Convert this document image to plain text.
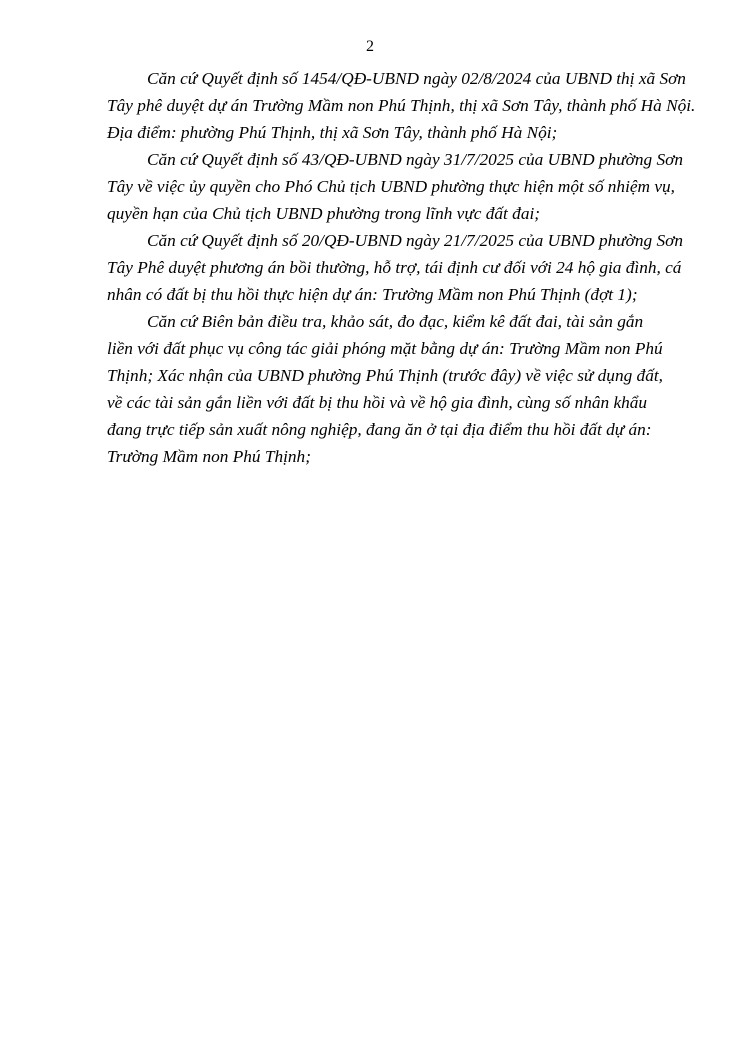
2
Căn cứ Quyết định số 1454/QĐ-UBND ngày 02/8/2024 của UBND thị xã Sơn
Tây phê duyệt dự án Trường Mầm non Phú Thịnh, thị xã Sơn Tây, thành phố Hà Nội.
Địa điểm: phường Phú Thịnh, thị xã Sơn Tây, thành phố Hà Nội;
Căn cứ Quyết định số 43/QĐ-UBND ngày 31/7/2025 của UBND phường Sơn
Tây về việc ủy quyền cho Phó Chủ tịch UBND phường thực hiện một số nhiệm vụ,
quyền hạn của Chủ tịch UBND phường trong lĩnh vực đất đai;
Căn cứ Quyết định số 20/QĐ-UBND ngày 21/7/2025 của UBND phường Sơn
Tây Phê duyệt phương án bồi thường, hỗ trợ, tái định cư đối với 24 hộ gia đình, cá
nhân có đất bị thu hồi thực hiện dự án: Trường Mầm non Phú Thịnh (đợt 1);
Căn cứ Biên bản điều tra, khảo sát, đo đạc, kiểm kê đất đai, tài sản gắn
liền với đất phục vụ công tác giải phóng mặt bằng dự án: Trường Mầm non Phú
Thịnh; Xác nhận của UBND phường Phú Thịnh (trước đây) về việc sử dụng đất,
về các tài sản gắn liền với đất bị thu hồi và về hộ gia đình, cùng số nhân khẩu
đang trực tiếp sản xuất nông nghiệp, đang ăn ở tại địa điểm thu hồi đất dự án:
Trường Mầm non Phú Thịnh;
